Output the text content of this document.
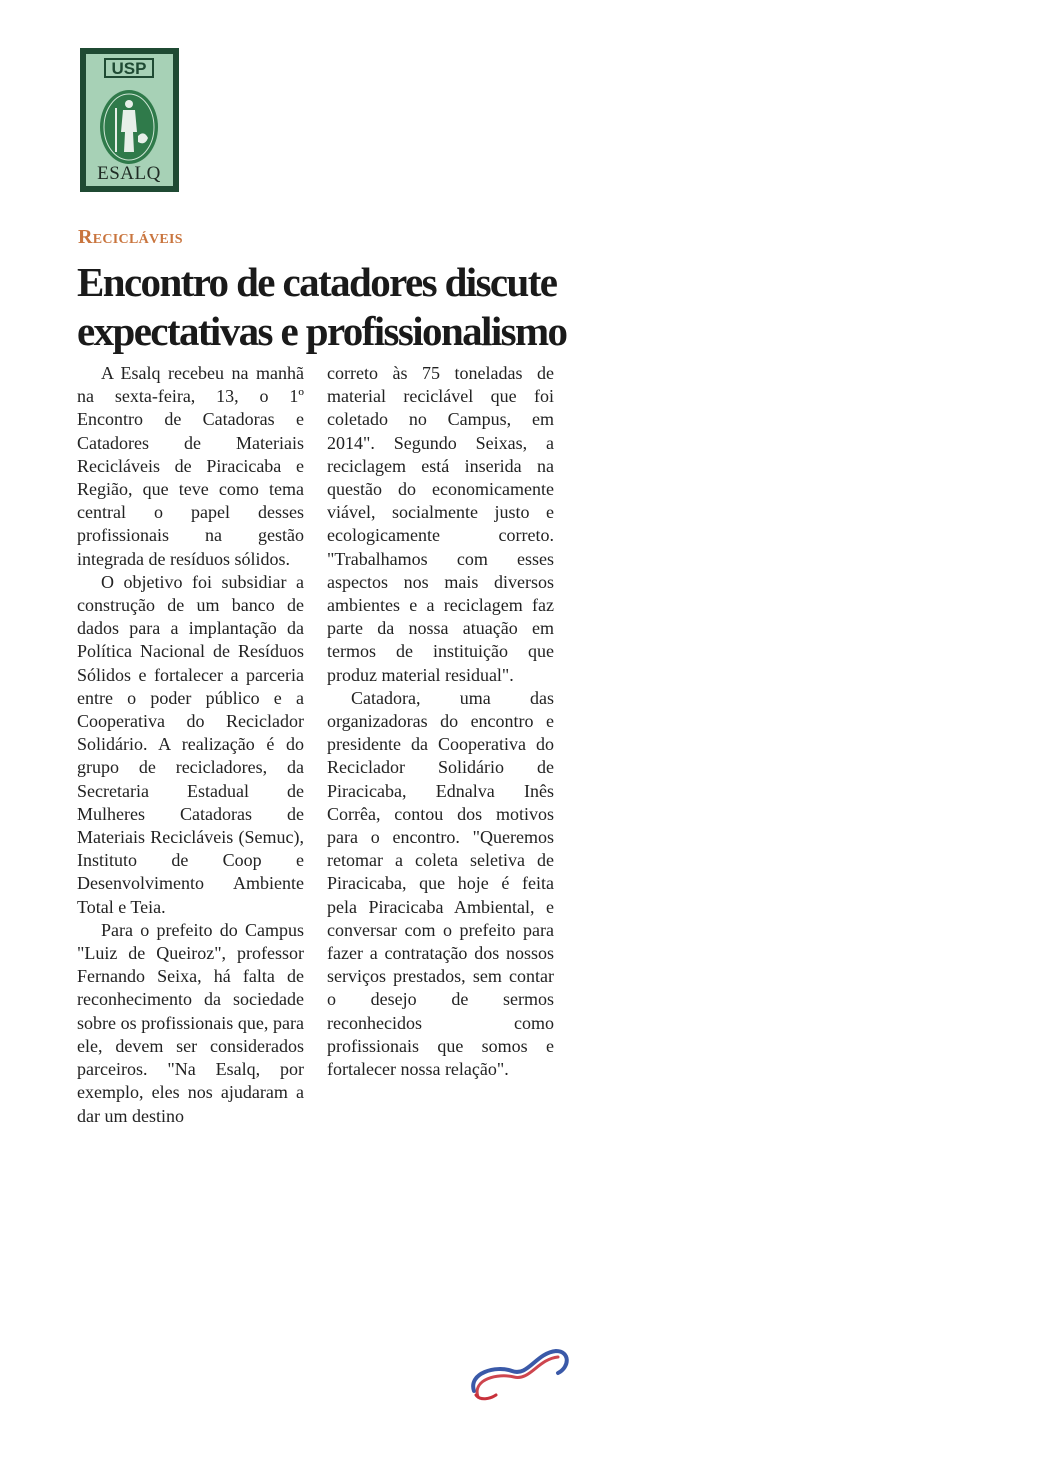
USP
ESALQ
Recicláveis
Encontro de catadores discute
expectativas e profissionalismo

A Esalq recebeu na manhã na sexta-feira, 13, o 1º Encontro de Catadoras e Catadores de Materiais Recicláveis de Piracicaba e Região, que teve como tema central o papel desses profissionais na gestão integrada de resíduos sólidos.

O objetivo foi subsidiar a construção de um banco de dados para a implantação da Política Nacional de Resíduos Sólidos e fortalecer a parceria entre o poder público e a Cooperativa do Reciclador Solidário. A realização é do grupo de recicladores, da Secretaria Estadual de Mulheres Catadoras de Materiais Recicláveis (Semuc), Instituto de Coop e Desenvolvimento Ambiente Total e Teia.

Para o prefeito do Campus "Luiz de Queiroz", professor Fernando Seixa, há falta de reconhecimento da sociedade sobre os profissionais que, para ele, devem ser considerados parceiros. "Na Esalq, por exemplo, eles nos ajudaram a dar um destino

correto às 75 toneladas de material reciclável que foi coletado no Campus, em 2014". Segundo Seixas, a reciclagem está inserida na questão do economicamente viável, socialmente justo e ecologicamente correto. "Trabalhamos com esses aspectos nos mais diversos ambientes e a reciclagem faz parte da nossa atuação em termos de instituição que produz material residual".

Catadora, uma das organizadoras do encontro e presidente da Cooperativa do Reciclador Solidário de Piracicaba, Ednalva Inês Corrêa, contou dos motivos para o encontro. "Queremos retomar a coleta seletiva de Piracicaba, que hoje é feita pela Piracicaba Ambiental, e conversar com o prefeito para fazer a contratação dos nossos serviços prestados, sem contar o desejo de sermos reconhecidos como profissionais que somos e fortalecer nossa relação".
